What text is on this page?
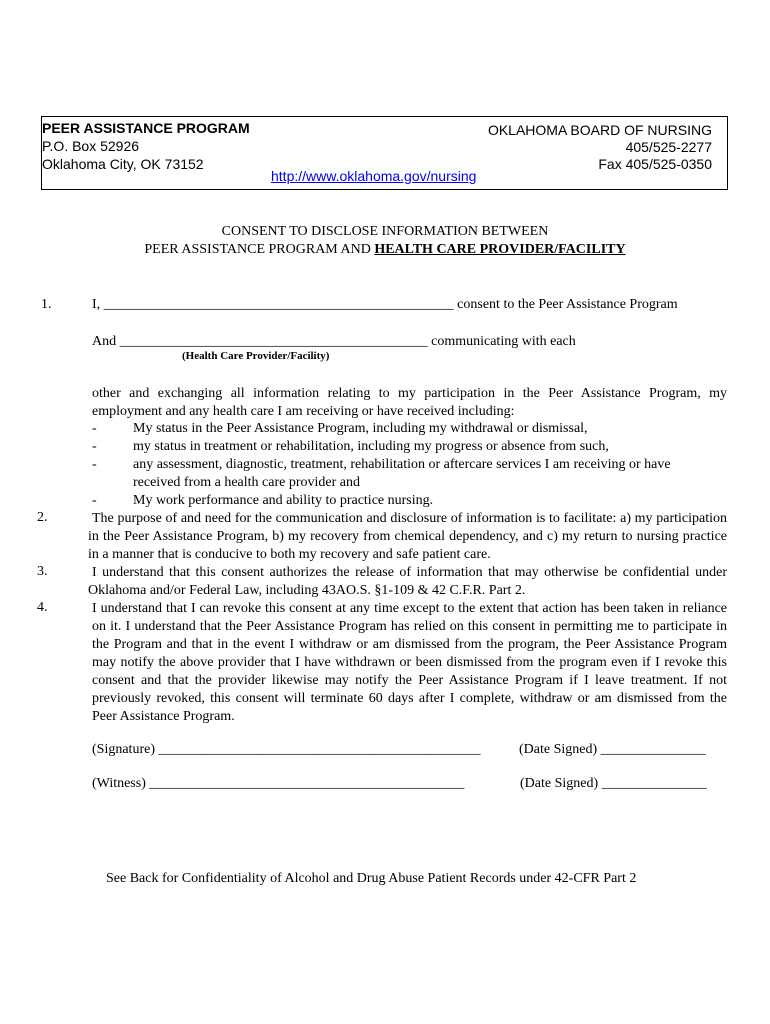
PEER ASSISTANCE PROGRAM
P.O. Box 52926
Oklahoma City, OK 73152
OKLAHOMA BOARD OF NURSING
405/525-2277
Fax 405/525-0350
http://www.oklahoma.gov/nursing
CONSENT TO DISCLOSE INFORMATION BETWEEN
PEER ASSISTANCE PROGRAM AND HEALTH CARE PROVIDER/FACILITY
1.	I, __________________________________________________ consent to the Peer Assistance Program
And ____________________________________________ communicating with each
(Health Care Provider/Facility)
other and exchanging all information relating to my participation in the Peer Assistance Program, my employment and any health care I am receiving or have received including:
-	My status in the Peer Assistance Program, including my withdrawal or dismissal,
-	my status in treatment or rehabilitation, including my progress or absence from such,
-	any assessment, diagnostic, treatment, rehabilitation or aftercare services I am receiving or have
received from a health care provider and
-	My work performance and ability to practice nursing.
2.	The purpose of and need for the communication and disclosure of information is to facilitate: a) my participation in the Peer Assistance Program, b) my recovery from chemical dependency, and c) my return to nursing practice in a manner that is conducive to both my recovery and safe patient care.
3.	I understand that this consent authorizes the release of information that may otherwise be confidential under Oklahoma and/or Federal Law, including 43AO.S. §1-109 & 42 C.F.R. Part 2.
4.	I understand that I can revoke this consent at any time except to the extent that action has been taken in reliance on it. I understand that the Peer Assistance Program has relied on this consent in permitting me to participate in the Program and that in the event I withdraw or am dismissed from the program, the Peer Assistance Program may notify the above provider that I have withdrawn or been dismissed from the program even if I revoke this consent and that the provider likewise may notify the Peer Assistance Program if I leave treatment. If not previously revoked, this consent will terminate 60 days after I complete, withdraw or am dismissed from the Peer Assistance Program.
(Signature) ______________________________________________	(Date Signed) _______________
(Witness) _____________________________________________	(Date Signed) _______________
See Back for Confidentiality of Alcohol and Drug Abuse Patient Records under 42-CFR Part 2
